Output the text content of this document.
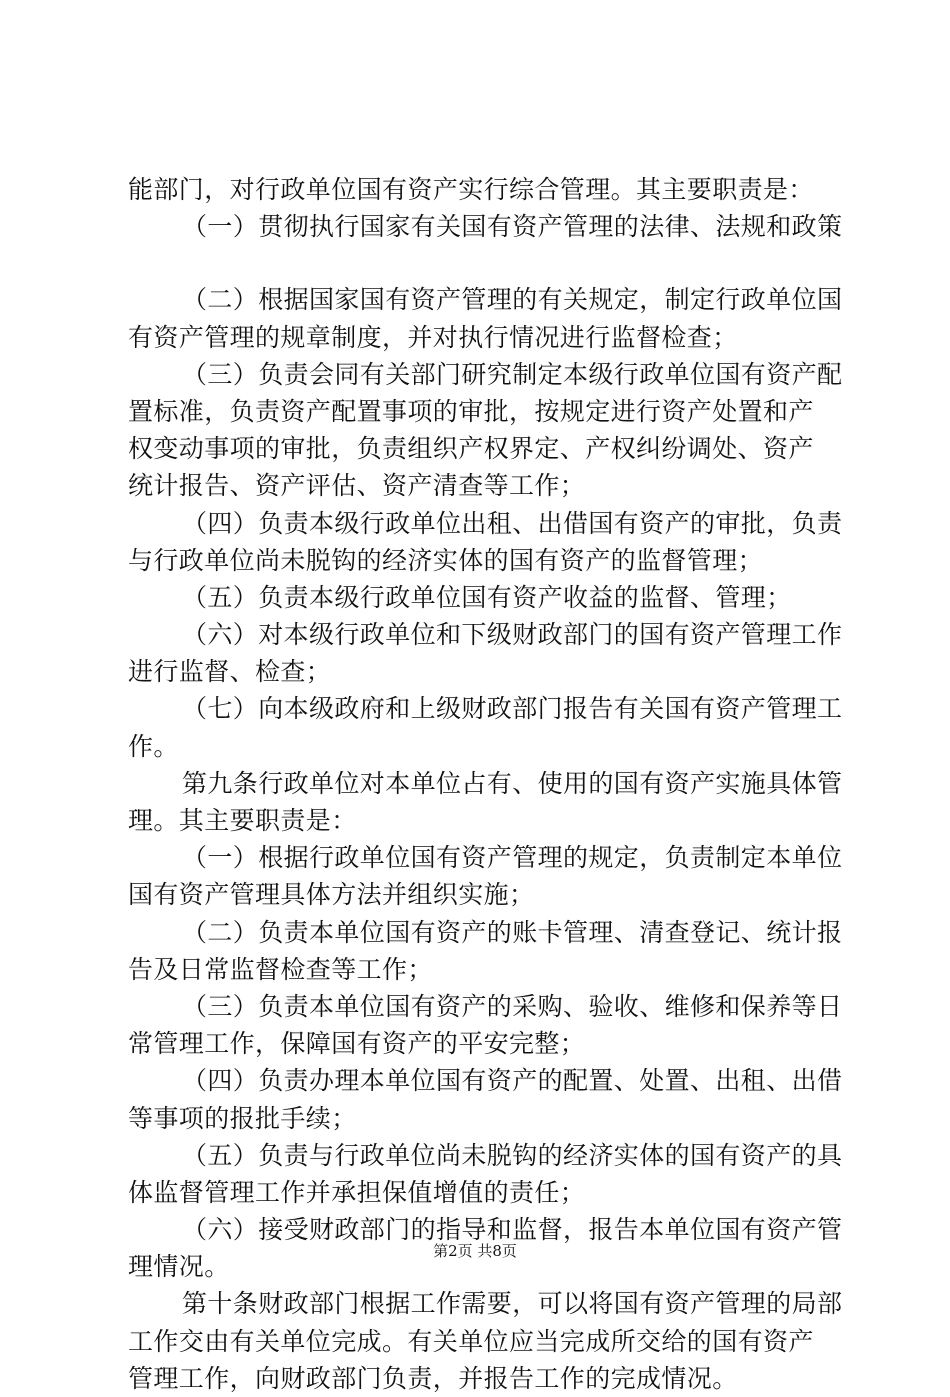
能部门，对行政单位国有资产实行综合管理。其主要职责是：
（一）贯彻执行国家有关国有资产管理的法律、法规和政策
（二）根据国家国有资产管理的有关规定，制定行政单位国
有资产管理的规章制度，并对执行情况进行监督检查；
（三）负责会同有关部门研究制定本级行政单位国有资产配
置标准，负责资产配置事项的审批，按规定进行资产处置和产
权变动事项的审批，负责组织产权界定、产权纠纷调处、资产
统计报告、资产评估、资产清查等工作；
（四）负责本级行政单位出租、出借国有资产的审批，负责
与行政单位尚未脱钩的经济实体的国有资产的监督管理；
（五）负责本级行政单位国有资产收益的监督、管理；
（六）对本级行政单位和下级财政部门的国有资产管理工作
进行监督、检查；
（七）向本级政府和上级财政部门报告有关国有资产管理工
作。
第九条行政单位对本单位占有、使用的国有资产实施具体管
理。其主要职责是：
（一）根据行政单位国有资产管理的规定，负责制定本单位
国有资产管理具体方法并组织实施；
（二）负责本单位国有资产的账卡管理、清查登记、统计报
告及日常监督检查等工作；
（三）负责本单位国有资产的采购、验收、维修和保养等日
常管理工作，保障国有资产的平安完整；
（四）负责办理本单位国有资产的配置、处置、出租、出借
等事项的报批手续；
（五）负责与行政单位尚未脱钩的经济实体的国有资产的具
体监督管理工作并承担保值增值的责任；
（六）接受财政部门的指导和监督，报告本单位国有资产管
理情况。
第十条财政部门根据工作需要，可以将国有资产管理的局部
工作交由有关单位完成。有关单位应当完成所交给的国有资产
管理工作，向财政部门负责，并报告工作的完成情况。
第2页 共8页
